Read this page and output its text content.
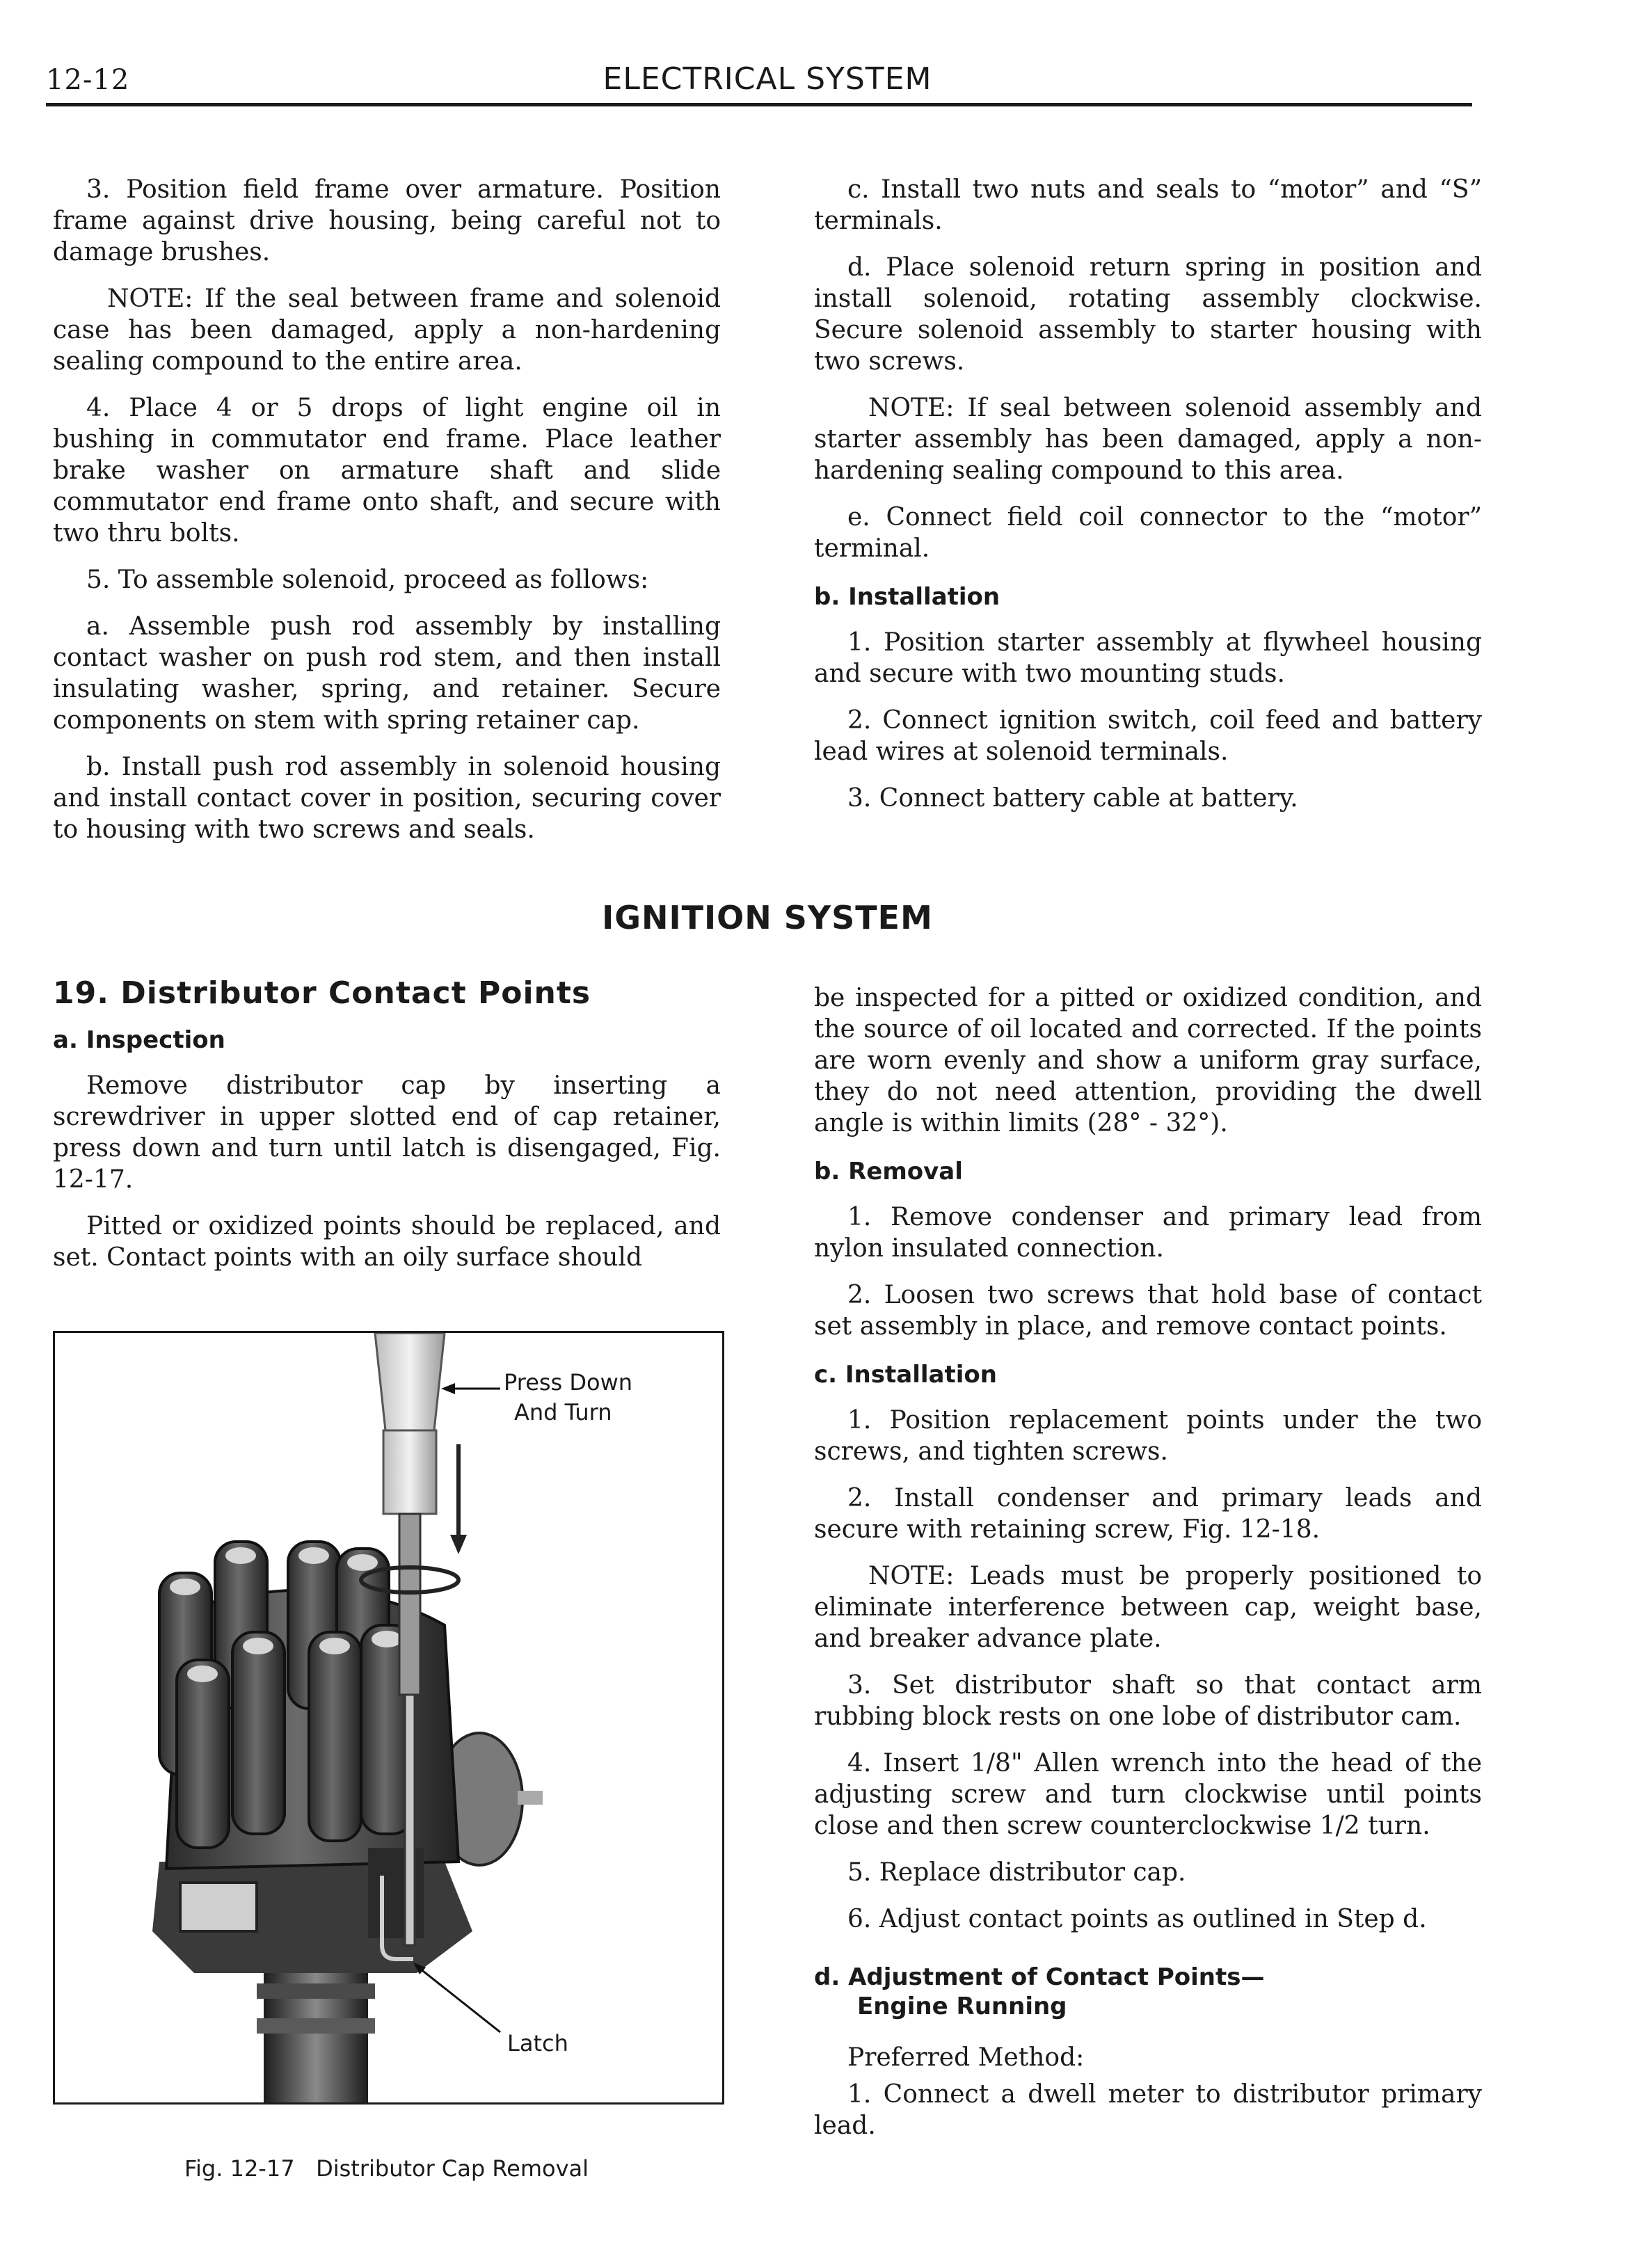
12-12	ELECTRICAL SYSTEM

3. Position field frame over armature. Position frame against drive housing, being careful not to damage brushes.

NOTE: If the seal between frame and solenoid case has been damaged, apply a non-hardening sealing compound to the entire area.

4. Place 4 or 5 drops of light engine oil in bushing in commutator end frame. Place leather brake washer on armature shaft and slide commutator end frame onto shaft, and secure with two thru bolts.

5. To assemble solenoid, proceed as follows:

a. Assemble push rod assembly by installing contact washer on push rod stem, and then install insulating washer, spring, and retainer. Secure components on stem with spring retainer cap.

b. Install push rod assembly in solenoid housing and install contact cover in position, securing cover to housing with two screws and seals.

c. Install two nuts and seals to “motor” and “S” terminals.

d. Place solenoid return spring in position and install solenoid, rotating assembly clockwise. Secure solenoid assembly to starter housing with two screws.

NOTE: If seal between solenoid assembly and starter assembly has been damaged, apply a non-hardening sealing compound to this area.

e. Connect field coil connector to the “motor” terminal.

b. Installation

1. Position starter assembly at flywheel housing and secure with two mounting studs.

2. Connect ignition switch, coil feed and battery lead wires at solenoid terminals.

3. Connect battery cable at battery.

IGNITION SYSTEM
19. Distributor Contact Points
a. Inspection

Remove distributor cap by inserting a screwdriver in upper slotted end of cap retainer, press down and turn until latch is disengaged, Fig. 12-17.

Pitted or oxidized points should be replaced, and set. Contact points with an oily surface should

Press Down
And Turn
Latch
Fig. 12-17   Distributor Cap Removal

be inspected for a pitted or oxidized condition, and the source of oil located and corrected. If the points are worn evenly and show a uniform gray surface, they do not need attention, providing the dwell angle is within limits (28° - 32°).

b. Removal

1. Remove condenser and primary lead from nylon insulated connection.

2. Loosen two screws that hold base of contact set assembly in place, and remove contact points.

c. Installation

1. Position replacement points under the two screws, and tighten screws.

2. Install condenser and primary leads and secure with retaining screw, Fig. 12-18.

NOTE: Leads must be properly positioned to eliminate interference between cap, weight base, and breaker advance plate.

3. Set distributor shaft so that contact arm rubbing block rests on one lobe of distributor cam.

4. Insert 1/8" Allen wrench into the head of the adjusting screw and turn clockwise until points close and then screw counterclockwise 1/2 turn.

5. Replace distributor cap.

6. Adjust contact points as outlined in Step d.

d. Adjustment of Contact Points—
Engine Running

Preferred Method:

1. Connect a dwell meter to distributor primary lead.
